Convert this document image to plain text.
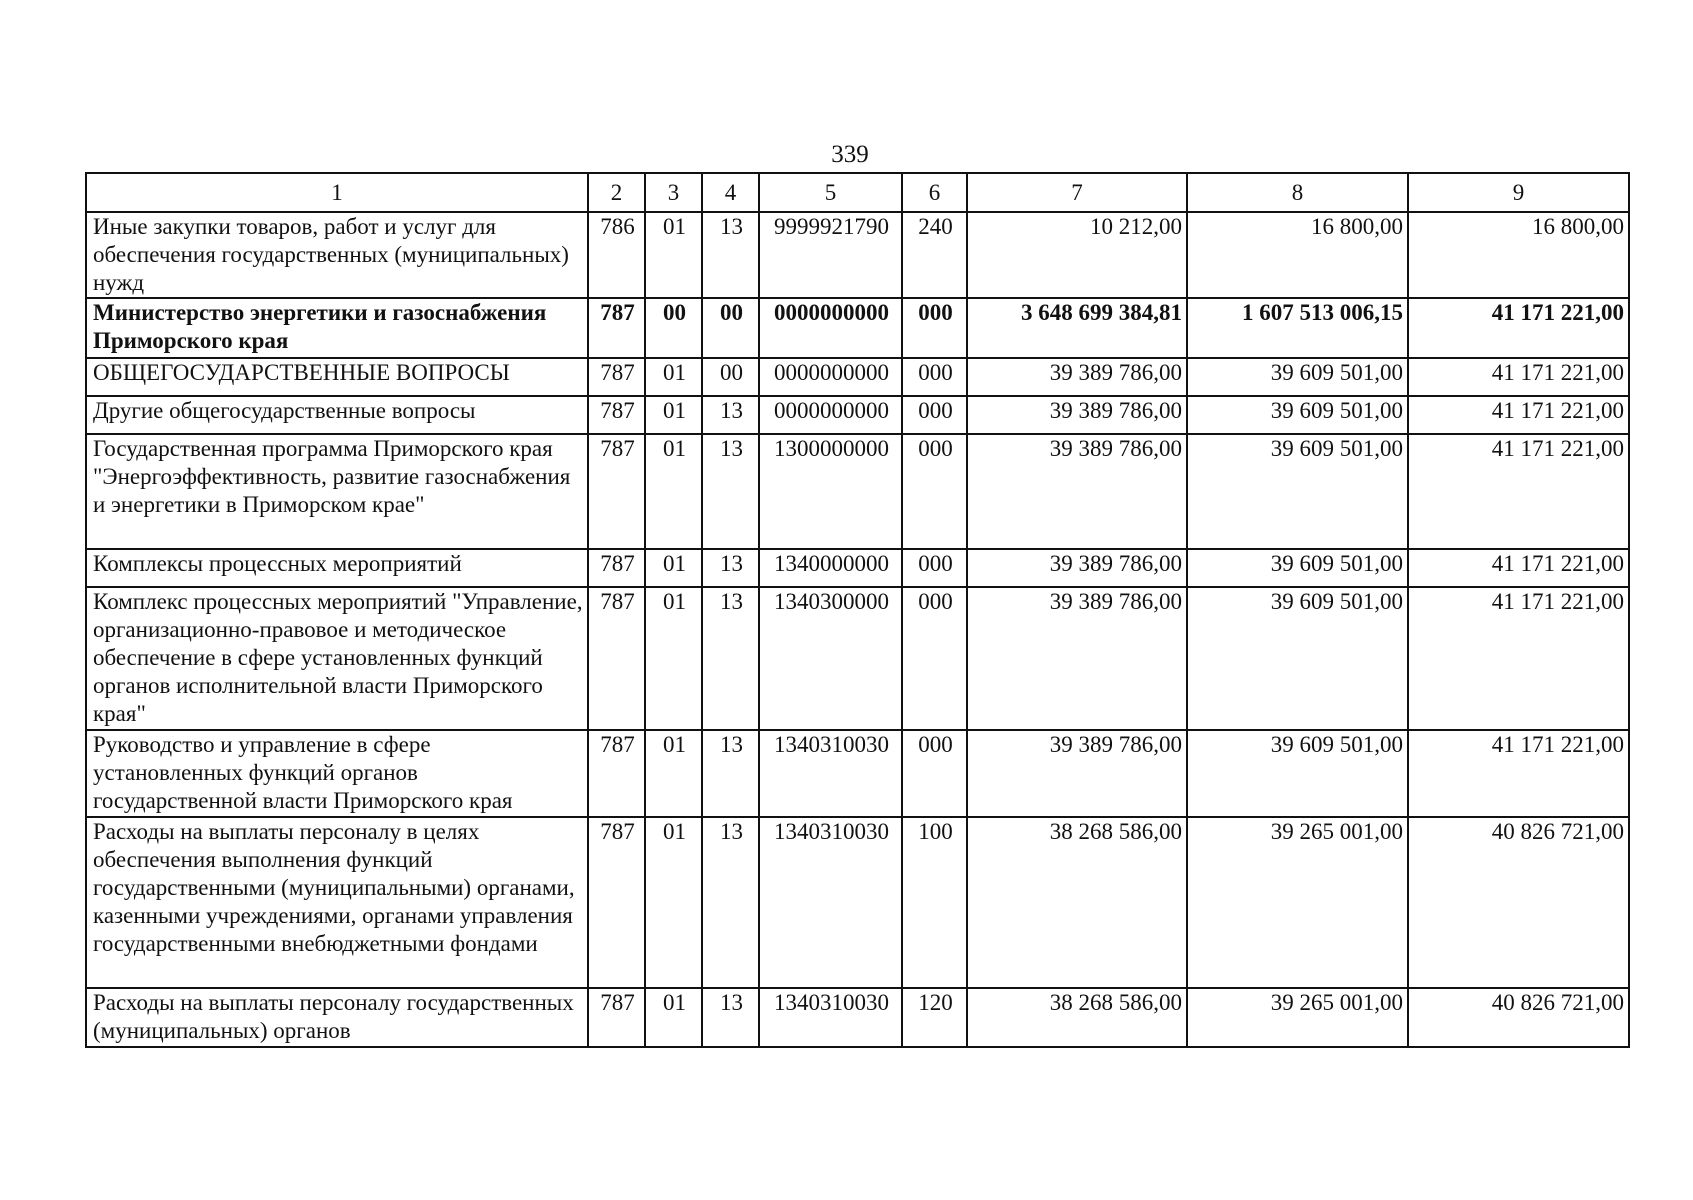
339
1	2	3	4	5	6	7	8	9
Иные закупки товаров, работ и услуг для обеспечения государственных (муниципальных) нужд	786	01	13	9999921790	240	10 212,00	16 800,00	16 800,00
Министерство энергетики и газоснабжения Приморского края	787	00	00	0000000000	000	3 648 699 384,81	1 607 513 006,15	41 171 221,00
ОБЩЕГОСУДАРСТВЕННЫЕ ВОПРОСЫ	787	01	00	0000000000	000	39 389 786,00	39 609 501,00	41 171 221,00
Другие общегосударственные вопросы	787	01	13	0000000000	000	39 389 786,00	39 609 501,00	41 171 221,00
Государственная программа Приморского края "Энергоэффективность, развитие газоснабжения и энергетики в Приморском крае"	787	01	13	1300000000	000	39 389 786,00	39 609 501,00	41 171 221,00
Комплексы процессных мероприятий	787	01	13	1340000000	000	39 389 786,00	39 609 501,00	41 171 221,00
Комплекс процессных мероприятий "Управление, организационно-правовое и методическое обеспечение в сфере установленных функций органов исполнительной власти Приморского края"	787	01	13	1340300000	000	39 389 786,00	39 609 501,00	41 171 221,00
Руководство и управление в сфере установленных функций органов государственной власти Приморского края	787	01	13	1340310030	000	39 389 786,00	39 609 501,00	41 171 221,00
Расходы на выплаты персоналу в целях обеспечения выполнения функций государственными (муниципальными) органами, казенными учреждениями, органами управления государственными внебюджетными фондами	787	01	13	1340310030	100	38 268 586,00	39 265 001,00	40 826 721,00
Расходы на выплаты персоналу государственных (муниципальных) органов	787	01	13	1340310030	120	38 268 586,00	39 265 001,00	40 826 721,00
